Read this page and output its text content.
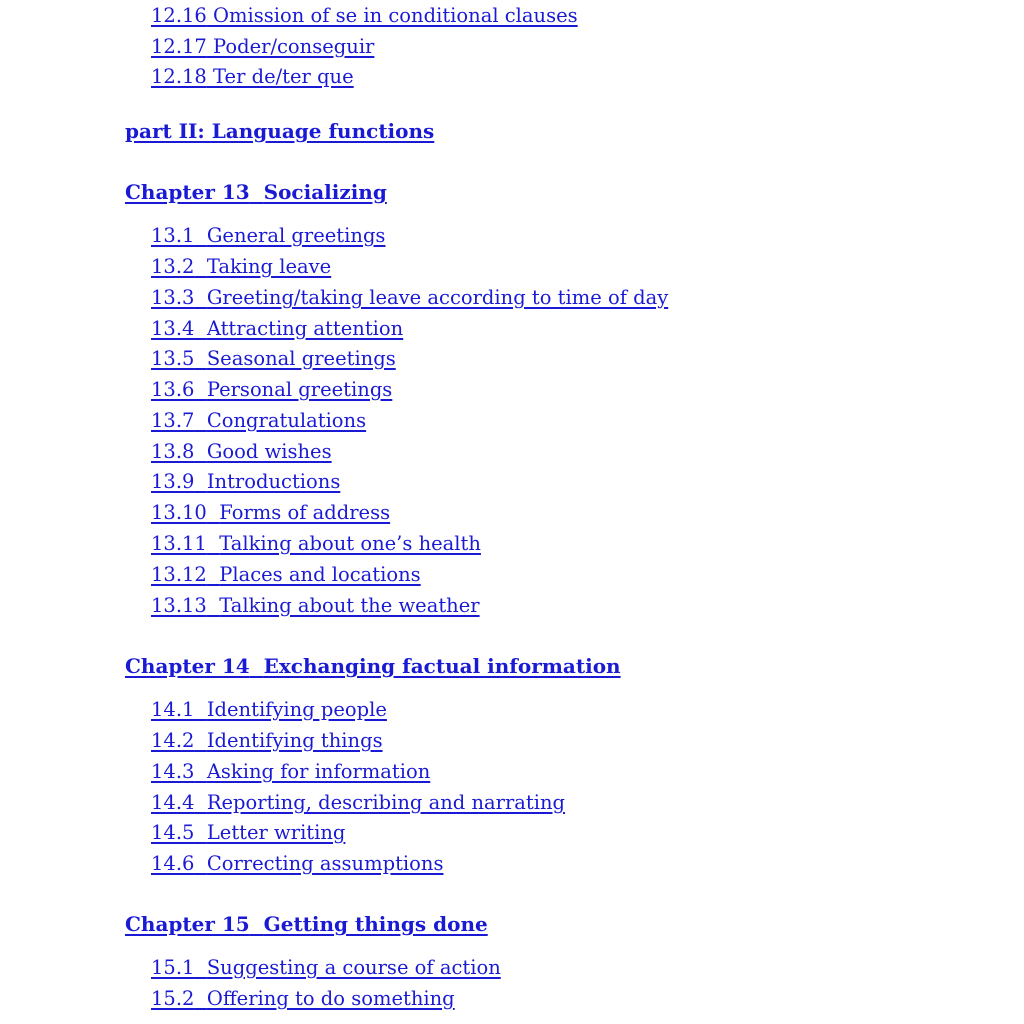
12.16 Omission of se in conditional clauses
12.17 Poder/conseguir
12.18 Ter de/ter que
part II: Language functions
Chapter 13 Socializing
13.1 General greetings
13.2 Taking leave
13.3 Greeting/taking leave according to time of day
13.4 Attracting attention
13.5 Seasonal greetings
13.6 Personal greetings
13.7 Congratulations
13.8 Good wishes
13.9 Introductions
13.10 Forms of address
13.11 Talking about one’s health
13.12 Places and locations
13.13 Talking about the weather
Chapter 14 Exchanging factual information
14.1 Identifying people
14.2 Identifying things
14.3 Asking for information
14.4 Reporting, describing and narrating
14.5 Letter writing
14.6 Correcting assumptions
Chapter 15 Getting things done
15.1 Suggesting a course of action
15.2 Offering to do something
